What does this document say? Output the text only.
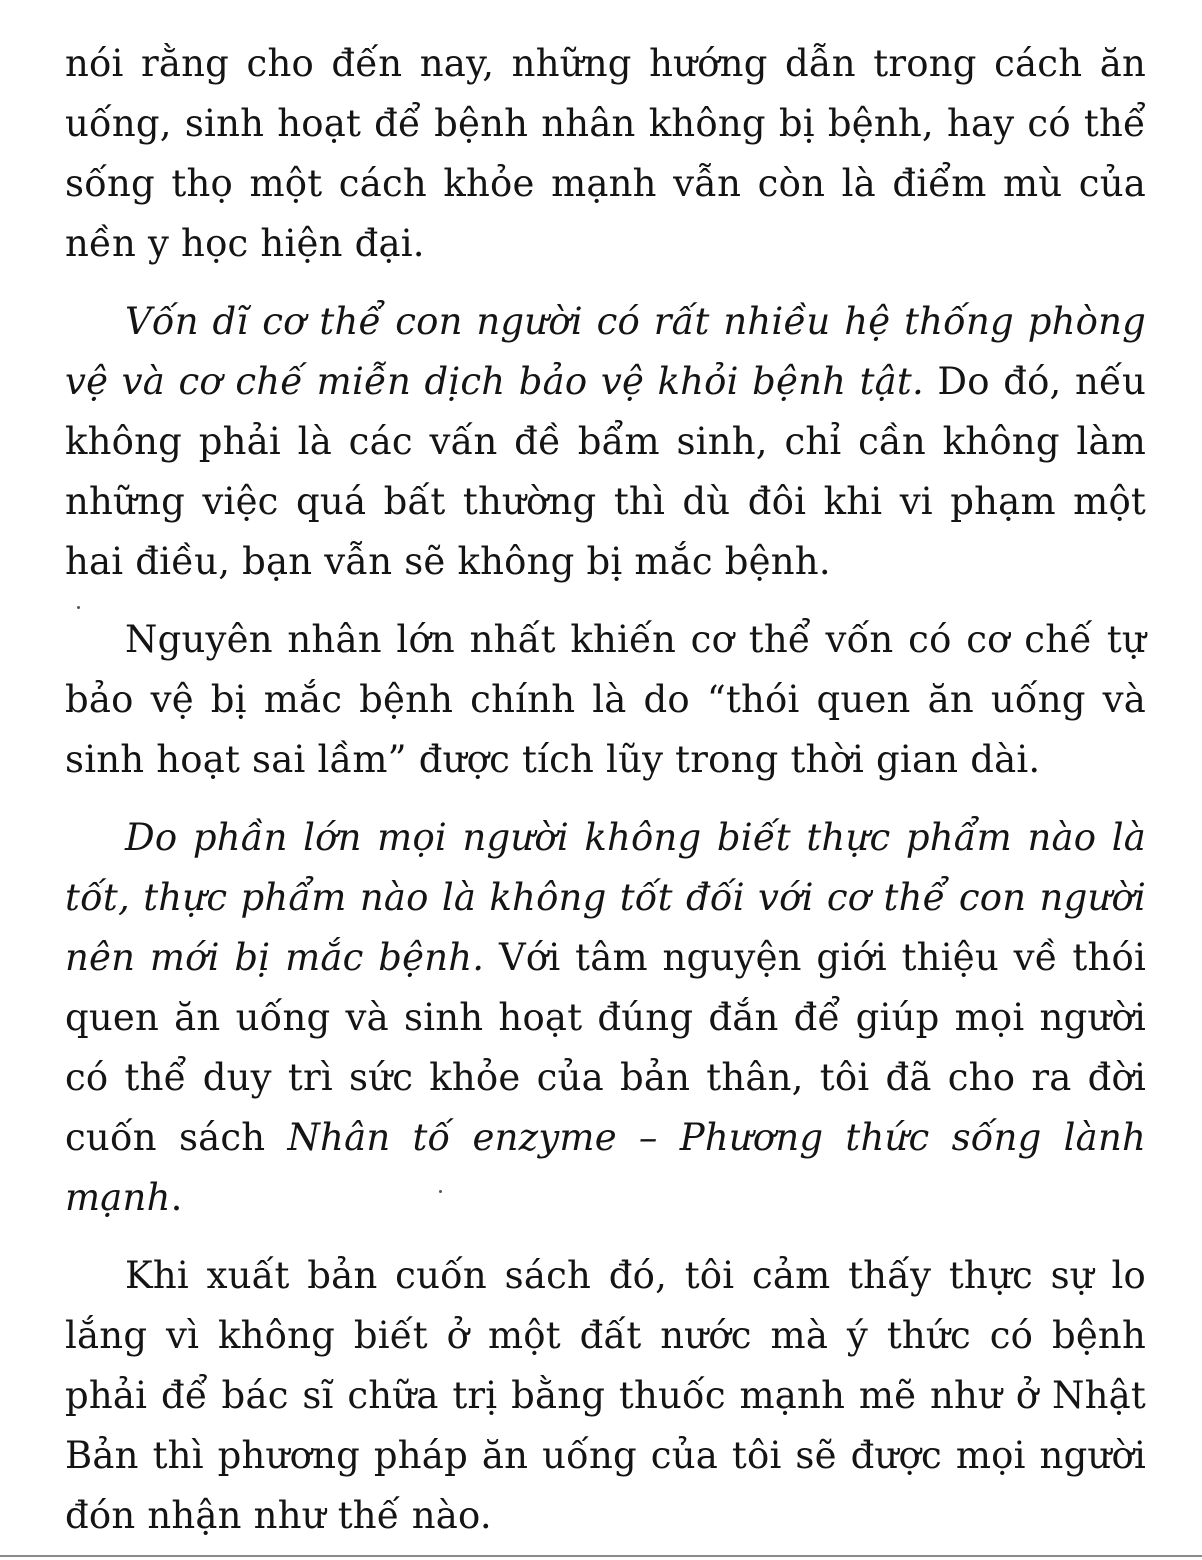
nói rằng cho đến nay, những hướng dẫn trong cách ăn uống, sinh hoạt để bệnh nhân không bị bệnh, hay có thể sống thọ một cách khỏe mạnh vẫn còn là điểm mù của nền y học hiện đại.

Vốn dĩ cơ thể con người có rất nhiều hệ thống phòng vệ và cơ chế miễn dịch bảo vệ khỏi bệnh tật. Do đó, nếu không phải là các vấn đề bẩm sinh, chỉ cần không làm những việc quá bất thường thì dù đôi khi vi phạm một hai điều, bạn vẫn sẽ không bị mắc bệnh.

Nguyên nhân lớn nhất khiến cơ thể vốn có cơ chế tự bảo vệ bị mắc bệnh chính là do “thói quen ăn uống và sinh hoạt sai lầm” được tích lũy trong thời gian dài.

Do phần lớn mọi người không biết thực phẩm nào là tốt, thực phẩm nào là không tốt đối với cơ thể con người nên mới bị mắc bệnh. Với tâm nguyện giới thiệu về thói quen ăn uống và sinh hoạt đúng đắn để giúp mọi người có thể duy trì sức khỏe của bản thân, tôi đã cho ra đời cuốn sách Nhân tố enzyme – Phương thức sống lành mạnh.

Khi xuất bản cuốn sách đó, tôi cảm thấy thực sự lo lắng vì không biết ở một đất nước mà ý thức có bệnh phải để bác sĩ chữa trị bằng thuốc mạnh mẽ như ở Nhật Bản thì phương pháp ăn uống của tôi sẽ được mọi người đón nhận như thế nào.
